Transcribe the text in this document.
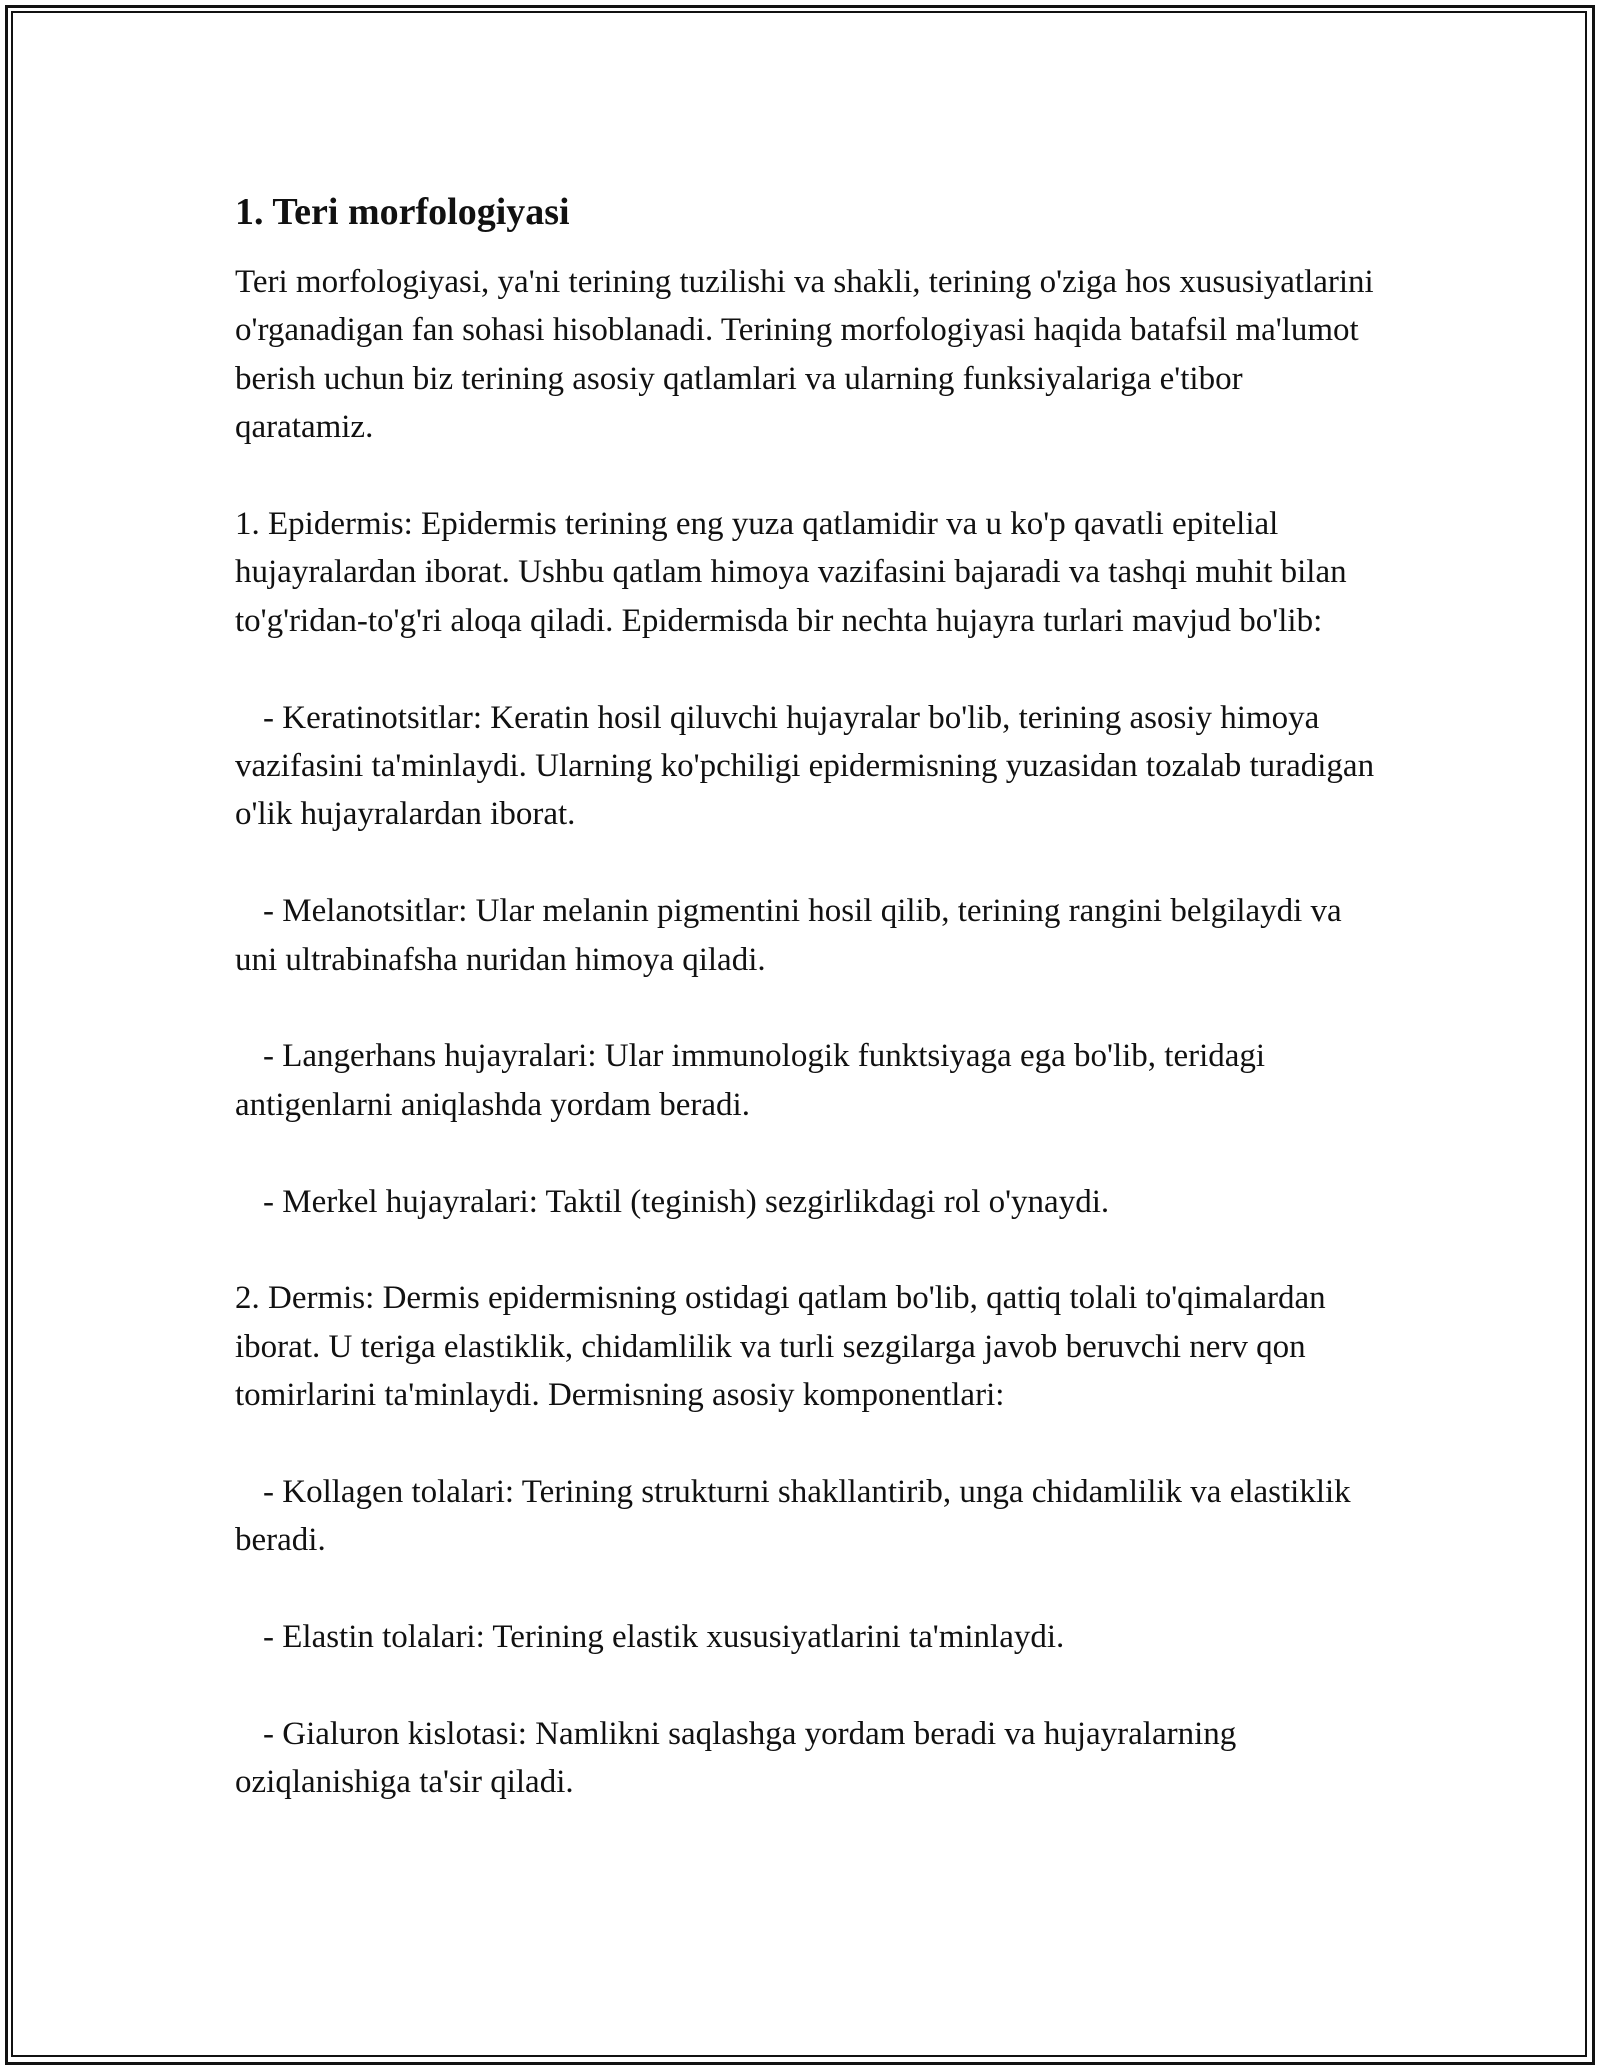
1. Teri morfologiyasi

Teri morfologiyasi, ya'ni terining tuzilishi va shakli, terining o'ziga hos xususiyatlarini o'rganadigan fan sohasi hisoblanadi. Terining morfologiyasi haqida batafsil ma'lumot berish uchun biz terining asosiy qatlamlari va ularning funksiyalariga e'tibor qaratamiz.

1. Epidermis: Epidermis terining eng yuza qatlamidir va u ko'p qavatli epitelial hujayralardan iborat. Ushbu qatlam himoya vazifasini bajaradi va tashqi muhit bilan to'g'ridan-to'g'ri aloqa qiladi. Epidermisda bir nechta hujayra turlari mavjud bo'lib:

- Keratinotsitlar: Keratin hosil qiluvchi hujayralar bo'lib, terining asosiy himoya vazifasini ta'minlaydi. Ularning ko'pchiligi epidermisning yuzasidan tozalab turadigan o'lik hujayralardan iborat.

- Melanotsitlar: Ular melanin pigmentini hosil qilib, terining rangini belgilaydi va uni ultrabinafsha nuridan himoya qiladi.

- Langerhans hujayralari: Ular immunologik funktsiyaga ega bo'lib, teridagi antigenlarni aniqlashda yordam beradi.

- Merkel hujayralari: Taktil (teginish) sezgirlikdagi rol o'ynaydi.

2. Dermis: Dermis epidermisning ostidagi qatlam bo'lib, qattiq tolali to'qimalardan iborat. U teriga elastiklik, chidamlilik va turli sezgilarga javob beruvchi nerv qon tomirlarini ta'minlaydi. Dermisning asosiy komponentlari:

- Kollagen tolalari: Terining strukturni shakllantirib, unga chidamlilik va elastiklik beradi.

- Elastin tolalari: Terining elastik xususiyatlarini ta'minlaydi.

- Gialuron kislotasi: Namlikni saqlashga yordam beradi va hujayralarning oziqlanishiga ta'sir qiladi.
